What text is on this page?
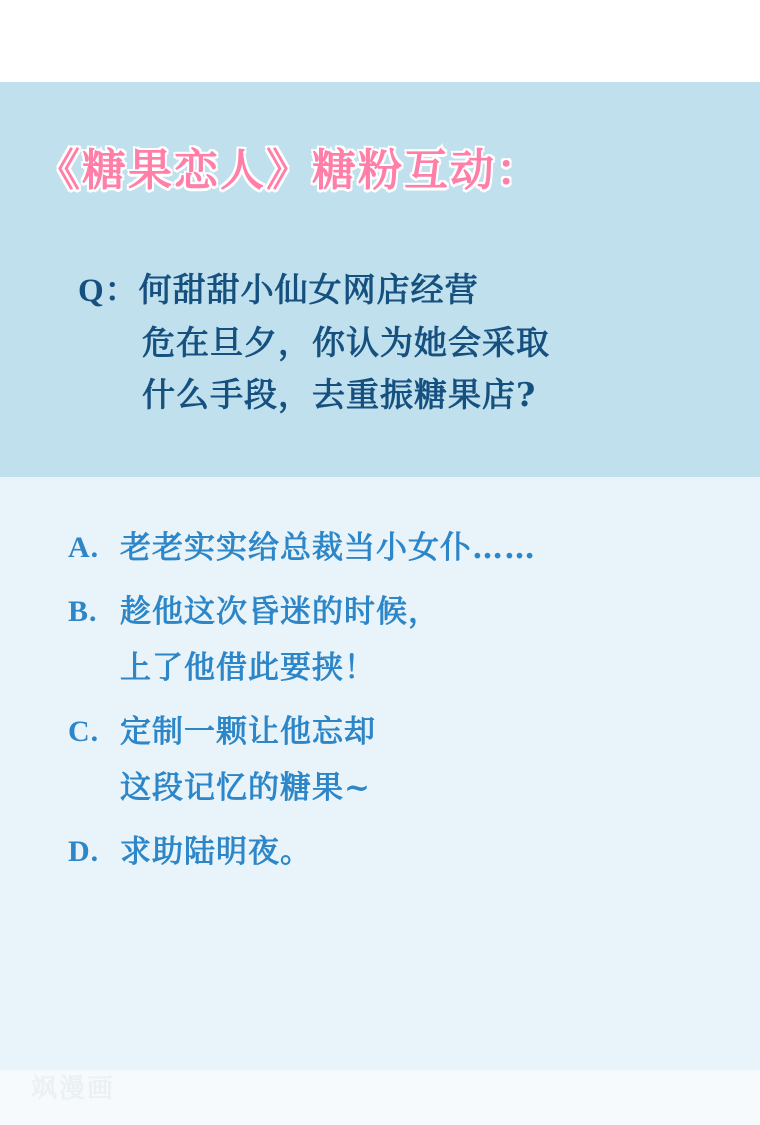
《糖果恋人》糖粉互动：
Q：何甜甜小仙女网店经营
危在旦夕，你认为她会采取
什么手段，去重振糖果店?
A. 老老实实给总裁当小女仆……
B. 趁他这次昏迷的时候，
上了他借此要挟！
C. 定制一颗让他忘却
这段记忆的糖果~
D. 求助陆明夜。
飒漫画
